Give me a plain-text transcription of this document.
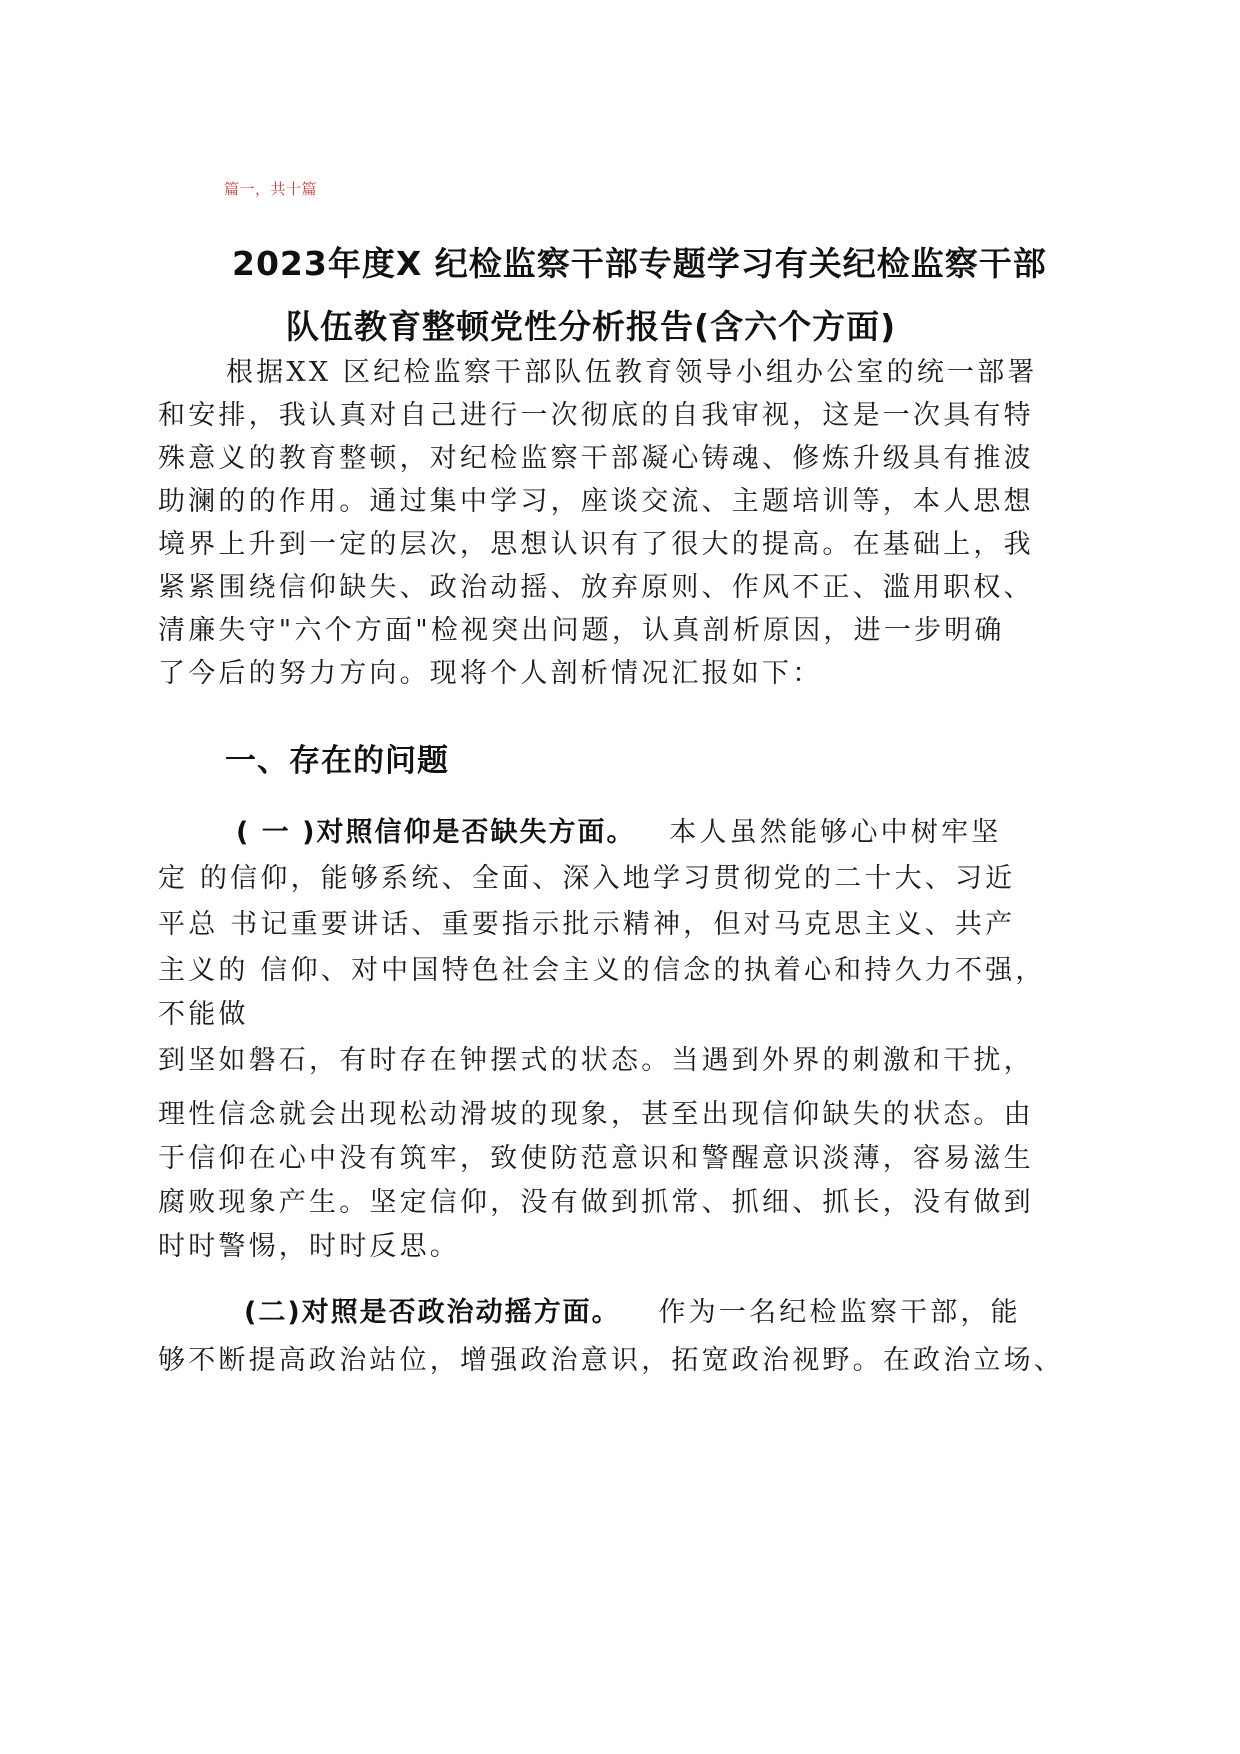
篇一，共十篇
2023年度X 纪检监察干部专题学习有关纪检监察干部
队伍教育整顿党性分析报告(含六个方面)
根据XX 区纪检监察干部队伍教育领导小组办公室的统一部署
和安排，我认真对自己进行一次彻底的自我审视，这是一次具有特
殊意义的教育整顿，对纪检监察干部凝心铸魂、修炼升级具有推波
助澜的的作用。通过集中学习，座谈交流、主题培训等，本人思想
境界上升到一定的层次，思想认识有了很大的提高。在基础上，我
紧紧围绕信仰缺失、政治动摇、放弃原则、作风不正、滥用职权、
清廉失守"六个方面"检视突出问题，认真剖析原因，进一步明确
了今后的努力方向。现将个人剖析情况汇报如下：
一、存在的问题
( 一 )对照信仰是否缺失方面。 本人虽然能够心中树牢坚
定 的信仰，能够系统、全面、深入地学习贯彻党的二十大、习近
平总 书记重要讲话、重要指示批示精神，但对马克思主义、共产
主义的 信仰、对中国特色社会主义的信念的执着心和持久力不强，
不能做
到坚如磐石，有时存在钟摆式的状态。当遇到外界的刺激和干扰，
理性信念就会出现松动滑坡的现象，甚至出现信仰缺失的状态。由
于信仰在心中没有筑牢，致使防范意识和警醒意识淡薄，容易滋生
腐败现象产生。坚定信仰，没有做到抓常、抓细、抓长，没有做到
时时警惕，时时反思。
(二)对照是否政治动摇方面。 作为一名纪检监察干部，能
够不断提高政治站位，增强政治意识，拓宽政治视野。在政治立场、
